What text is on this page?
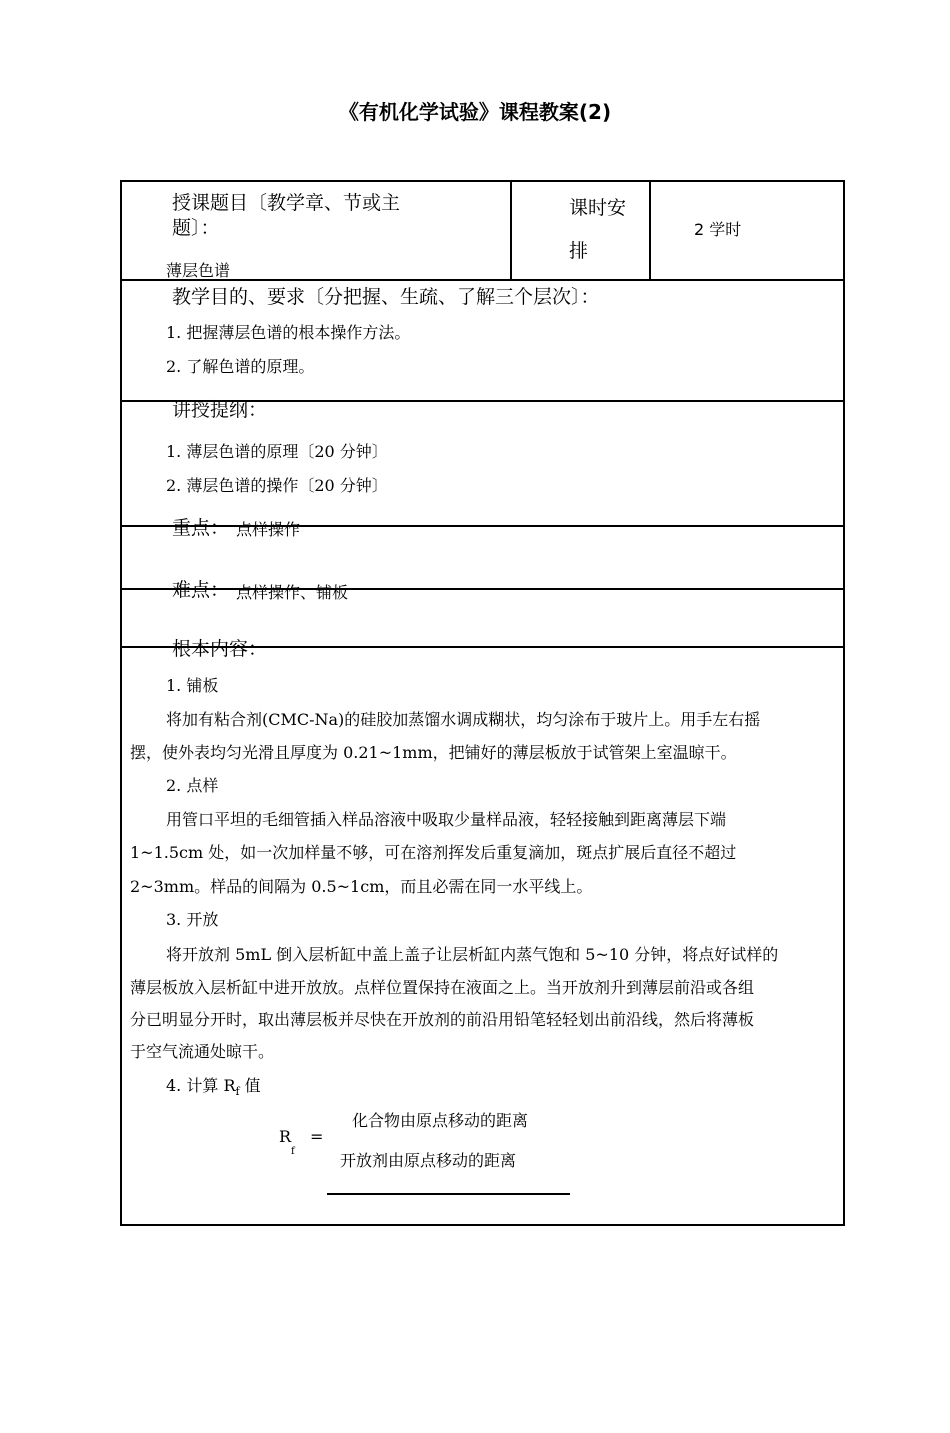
《有机化学试验》课程教案(2)
授课题目〔教学章、节或主
题〕：
薄层色谱
课时安
排
2 学时
教学目的、要求〔分把握、生疏、了解三个层次〕：
1. 把握薄层色谱的根本操作方法。
2. 了解色谱的原理。
讲授提纲：
1. 薄层色谱的原理〔20 分钟〕
2. 薄层色谱的操作〔20 分钟〕
重点： 点样操作
难点： 点样操作、铺板
根本内容：
1. 铺板
将加有粘合剂(CMC-Na)的硅胶加蒸馏水调成糊状，均匀涂布于玻片上。用手左右摇
摆，使外表均匀光滑且厚度为 0.21~1mm，把铺好的薄层板放于试管架上室温晾干。
2. 点样
用管口平坦的毛细管插入样品溶液中吸取少量样品液，轻轻接触到距离薄层下端
1~1.5cm 处，如一次加样量不够，可在溶剂挥发后重复滴加，斑点扩展后直径不超过
2~3mm。样品的间隔为 0.5~1cm，而且必需在同一水平线上。
3. 开放
将开放剂 5mL 倒入层析缸中盖上盖子让层析缸内蒸气饱和 5~10 分钟，将点好试样的
薄层板放入层析缸中进开放放。点样位置保持在液面之上。当开放剂升到薄层前沿或各组
分已明显分开时，取出薄层板并尽快在开放剂的前沿用铅笔轻轻划出前沿线，然后将薄板
于空气流通处晾干。
4. 计算 $R_f$ 值
R
f
=
化合物由原点移动的距离
开放剂由原点移动的距离
